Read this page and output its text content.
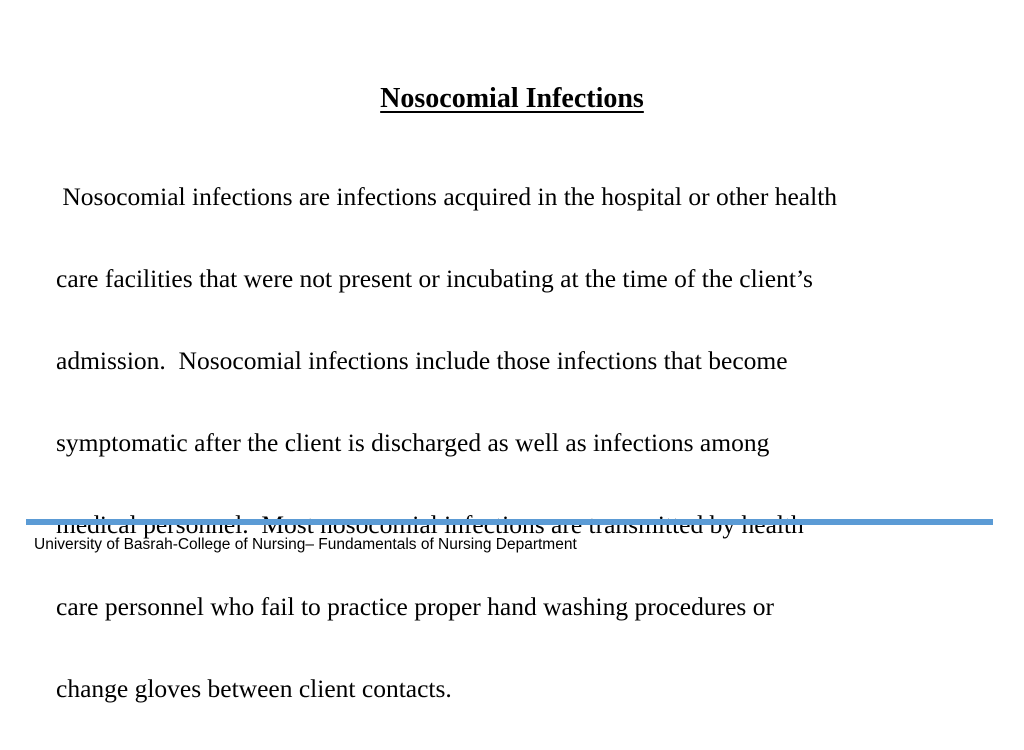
Nosocomial Infections

Nosocomial infections are infections acquired in the hospital or other health

care facilities that were not present or incubating at the time of the client’s

admission.  Nosocomial infections include those infections that become

symptomatic after the client is discharged as well as infections among

care personnel who fail to practice proper hand washing procedures or

change gloves between client contacts.

University of Basrah-College of Nursing– Fundamentals of Nursing Department
